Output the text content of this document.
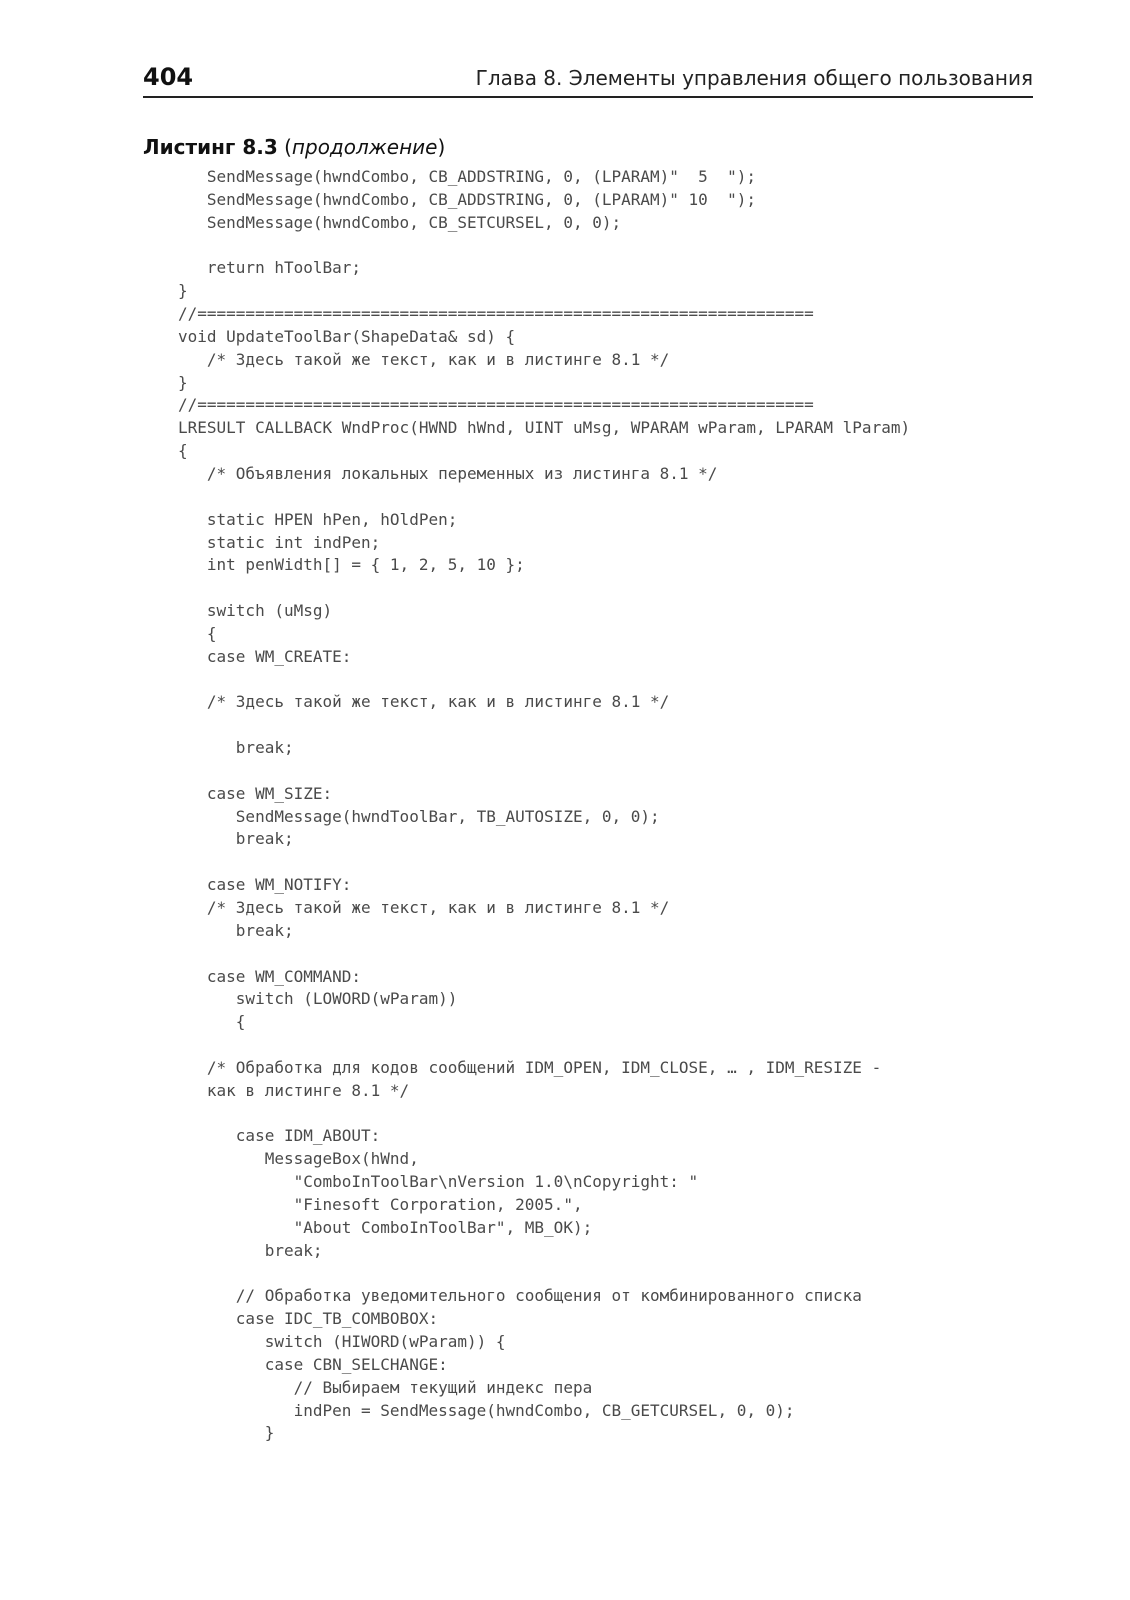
404	Глава 8. Элементы управления общего пользования
Листинг 8.3 (продолжение)
SendMessage(hwndCombo, CB_ADDSTRING, 0, (LPARAM)"  5  ");
SendMessage(hwndCombo, CB_ADDSTRING, 0, (LPARAM)" 10  ");
SendMessage(hwndCombo, CB_SETCURSEL, 0, 0);
return hToolBar;
}
//================================================================
void UpdateToolBar(ShapeData& sd) {
/* Здесь такой же текст, как и в листинге 8.1 */
}
//================================================================
LRESULT CALLBACK WndProc(HWND hWnd, UINT uMsg, WPARAM wParam, LPARAM lParam)
{
/* Объявления локальных переменных из листинга 8.1 */
static HPEN hPen, hOldPen;
static int indPen;
int penWidth[] = { 1, 2, 5, 10 };
switch (uMsg)
{
case WM_CREATE:
/* Здесь такой же текст, как и в листинге 8.1 */
break;
case WM_SIZE:
SendMessage(hwndToolBar, TB_AUTOSIZE, 0, 0);
break;
case WM_NOTIFY:
/* Здесь такой же текст, как и в листинге 8.1 */
break;
case WM_COMMAND:
switch (LOWORD(wParam))
{
/* Обработка для кодов сообщений IDM_OPEN, IDM_CLOSE, … , IDM_RESIZE -
как в листинге 8.1 */
case IDM_ABOUT:
MessageBox(hWnd,
"ComboInToolBar\nVersion 1.0\nCopyright: "
"Finesoft Corporation, 2005.",
"About ComboInToolBar", MB_OK);
break;
// Обработка уведомительного сообщения от комбинированного списка
case IDC_TB_COMBOBOX:
switch (HIWORD(wParam)) {
case CBN_SELCHANGE:
// Выбираем текущий индекс пера
indPen = SendMessage(hwndCombo, CB_GETCURSEL, 0, 0);
}
